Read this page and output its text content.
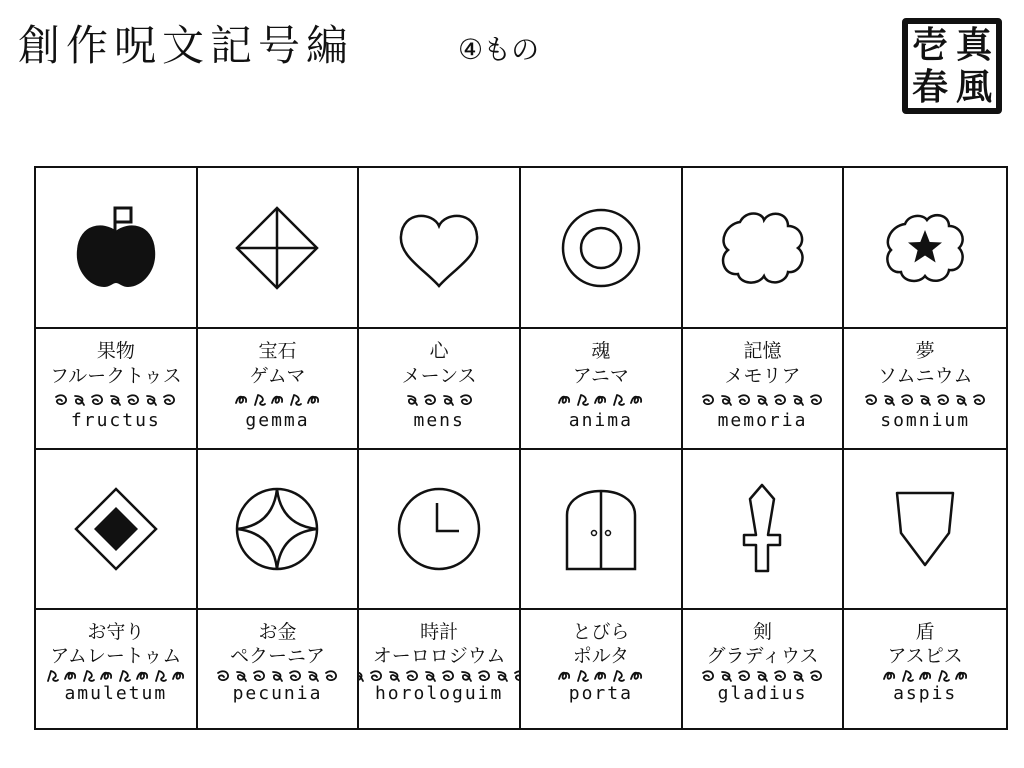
創作呪文記号編	④もの	壱 真
春 風
果物
フルークトゥス
fructus
宝石
ゲムマ
gemma
心
メーンス
mens
魂
アニマ
anima
記憶
メモリア
memoria
夢
ソムニウム
somnium
お守り
アムレートゥム
amuletum
お金
ペクーニア
pecunia
時計
オーロロジウム
horologuim
とびら
ポルタ
porta
剣
グラディウス
gladius
盾
アスピス
aspis
